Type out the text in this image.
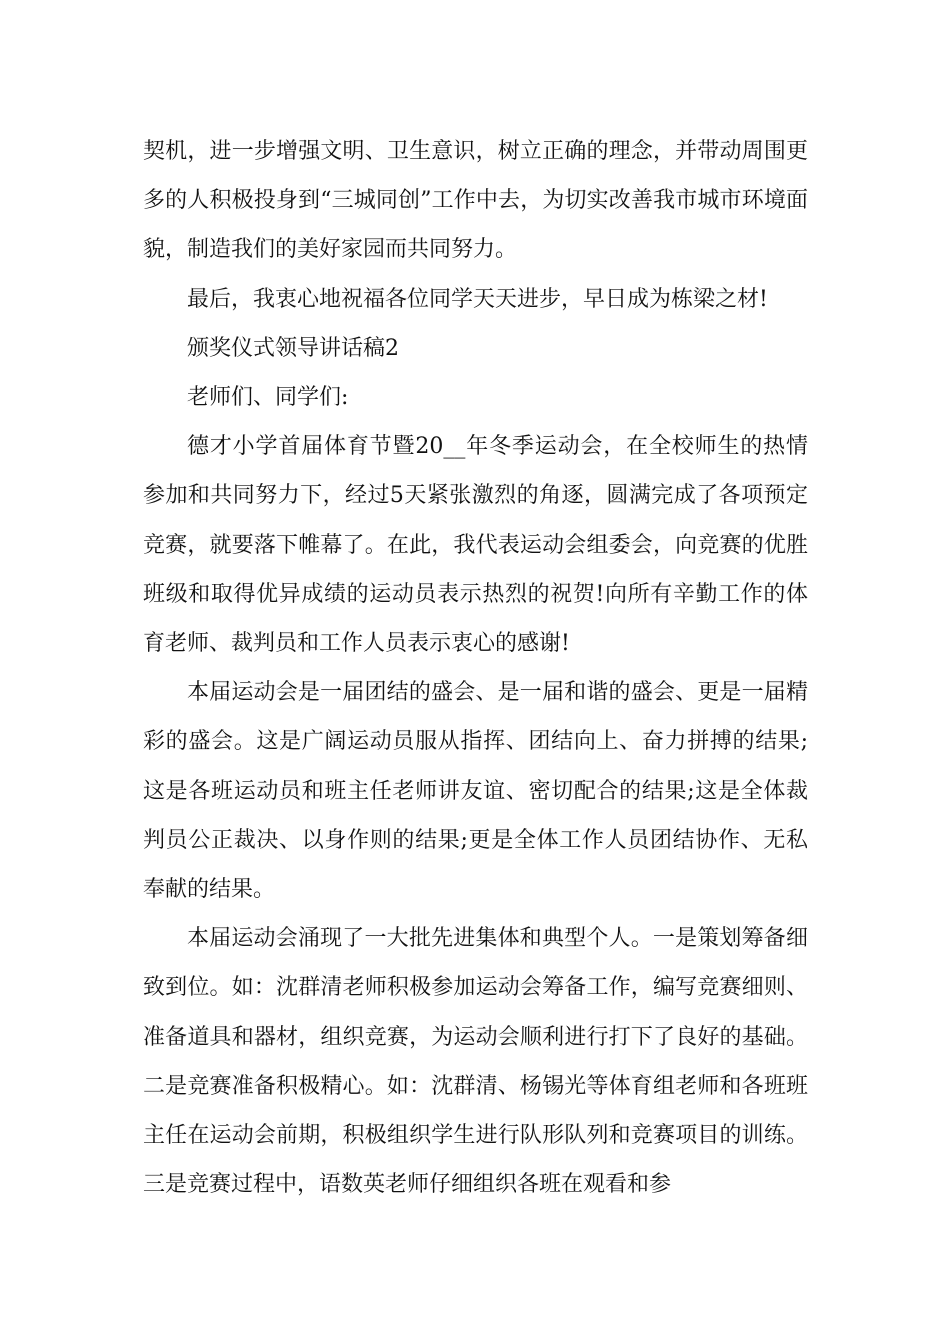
契机，进一步增强文明、卫生意识，树立正确的理念，并带动周围更多的人积极投身到“三城同创”工作中去，为切实改善我市城市环境面貌，制造我们的美好家园而共同努力。

最后，我衷心地祝福各位同学天天进步，早日成为栋梁之材!

颁奖仪式领导讲话稿2

老师们、同学们:

德才小学首届体育节暨20__年冬季运动会，在全校师生的热情参加和共同努力下，经过5天紧张激烈的角逐，圆满完成了各项预定竞赛，就要落下帷幕了。在此，我代表运动会组委会，向竞赛的优胜班级和取得优异成绩的运动员表示热烈的祝贺!向所有辛勤工作的体育老师、裁判员和工作人员表示衷心的感谢!

本届运动会是一届团结的盛会、是一届和谐的盛会、更是一届精彩的盛会。这是广阔运动员服从指挥、团结向上、奋力拼搏的结果;这是各班运动员和班主任老师讲友谊、密切配合的结果;这是全体裁判员公正裁决、以身作则的结果;更是全体工作人员团结协作、无私奉献的结果。

本届运动会涌现了一大批先进集体和典型个人。一是策划筹备细致到位。如：沈群清老师积极参加运动会筹备工作，编写竞赛细则、准备道具和器材，组织竞赛，为运动会顺利进行打下了良好的基础。二是竞赛准备积极精心。如：沈群清、杨锡光等体育组老师和各班班主任在运动会前期，积极组织学生进行队形队列和竞赛项目的训练。三是竞赛过程中，语数英老师仔细组织各班在观看和参
